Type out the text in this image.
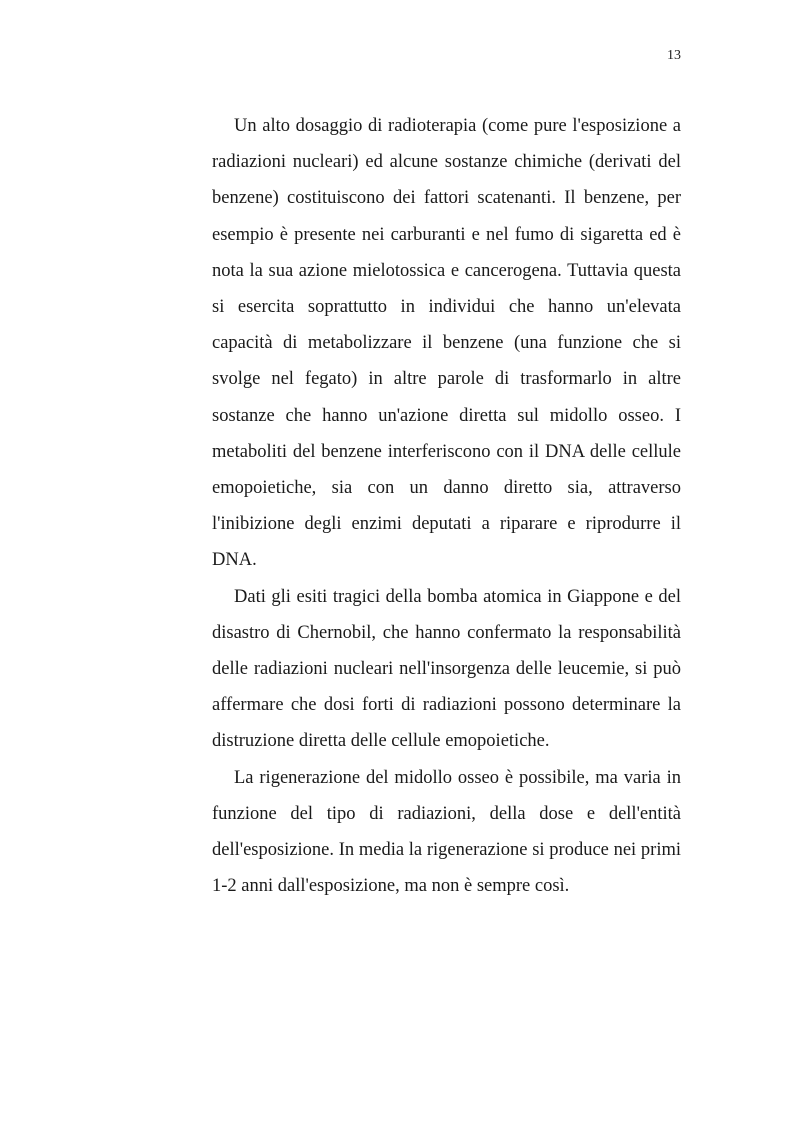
13

Un alto dosaggio di radioterapia (come pure l'esposizione a radiazioni nucleari) ed alcune sostanze chimiche (derivati del benzene) costituiscono dei fattori scatenanti. Il benzene, per esempio è presente nei carburanti e nel fumo di sigaretta ed è nota la sua azione mielotossica e cancerogena. Tuttavia questa si esercita soprattutto in individui che hanno un'elevata capacità di metabolizzare il benzene (una funzione che si svolge nel fegato) in altre parole di trasformarlo in altre sostanze che hanno un'azione diretta sul midollo osseo. I metaboliti del benzene interferiscono con il DNA delle cellule emopoietiche, sia con un danno diretto sia, attraverso l'inibizione degli enzimi deputati a riparare e riprodurre il DNA.

Dati gli esiti tragici della bomba atomica in Giappone e del disastro di Chernobil, che hanno confermato la responsabilità delle radiazioni nucleari nell'insorgenza delle leucemie, si può affermare che dosi forti di radiazioni possono determinare la distruzione diretta delle cellule emopoietiche.

La rigenerazione del midollo osseo è possibile, ma varia in funzione del tipo di radiazioni, della dose e dell'entità dell'esposizione. In media la rigenerazione si produce nei primi 1-2 anni dall'esposizione, ma non è sempre così.
